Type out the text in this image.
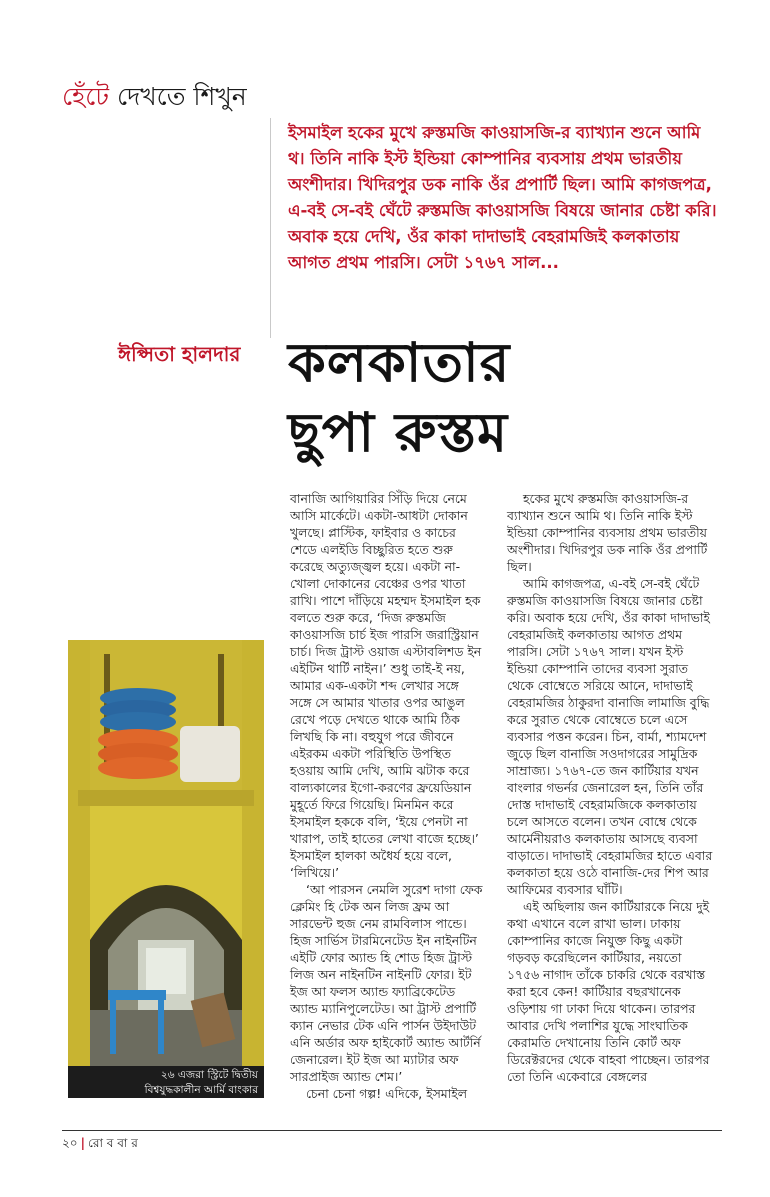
হেঁটে দেখতে শিখুন
ইসমাইল হকের মুখে রুস্তমজি কাওয়াসজি-র ব্যাখ্যান শুনে আমি থ। তিনি নাকি ইস্ট ইন্ডিয়া কোম্পানির ব্যবসায় প্রথম ভারতীয় অংশীদার। খিদিরপুর ডক নাকি ওঁর প্রপার্টি ছিল। আমি কাগজপত্র, এ-বই সে-বই ঘেঁটে রুস্তমজি কাওয়াসজি বিষয়ে জানার চেষ্টা করি। অবাক হয়ে দেখি, ওঁর কাকা দাদাভাই বেহরামজিই কলকাতায় আগত প্রথম পারসি। সেটা ১৭৬৭ সাল...
ঈপ্সিতা হালদার কলকাতার
ছুপা রুস্তম

বানাজি আগিয়ারির সিঁড়ি দিয়ে নেমে আসি মার্কেটে। একটা-আধটা দোকান খুলছে। প্লাস্টিক, ফাইবার ও কাচের শেডে এলইডি বিচ্ছুরিত হতে শুরু করেছে অত্যুজ্জ্বল হয়ে। একটা না-খোলা দোকানের বেঞ্চের ওপর খাতা রাখি। পাশে দাঁড়িয়ে মহম্মদ ইসমাইল হক বলতে শুরু করে, ‘দিজ রুস্তমজি কাওয়াসজি চার্চ ইজ পারসি জরাস্ট্রিয়ান চার্চ। দিজ ট্রাস্ট ওয়াজ এস্টাবলিশড ইন এইটিন থার্টি নাইন।’ শুধু তাই-ই নয়, আমার এক-একটা শব্দ লেখার সঙ্গে সঙ্গে সে আমার খাতার ওপর আঙুল রেখে পড়ে দেখতে থাকে আমি ঠিক লিখছি কি না। বহুযুগ পরে জীবনে এইরকম একটা পরিস্থিতি উপস্থিত হওয়ায় আমি দেখি, আমি ঝটাক করে বাল্যকালের ইগো-করণের ফ্রয়েডিয়ান মুহূর্তে ফিরে গিয়েছি। মিনমিন করে ইসমাইল হককে বলি, ‘ইয়ে পেনটা না খারাপ, তাই হাতের লেখা বাজে হচ্ছে।’ ইসমাইল হালকা অধৈর্য হয়ে বলে, ‘লিখিয়ে।’

‘আ পারসন নেমলি সুরেশ দাগা ফেক ক্লেমিং হি টেক অন লিজ ফ্রম আ সারভেন্ট হুজ নেম রামবিলাস পান্ডে। হিজ সার্ভিস টারমিনেটেড ইন নাইনটিন এইটি ফোর অ্যান্ড হি শোড হিজ ট্রাস্ট লিজ অন নাইনটিন নাইনটি ফোর। ইট ইজ আ ফলস অ্যান্ড ফ্যাব্রিকেটেড অ্যান্ড ম্যানিপুলেটেড। আ ট্রাস্ট প্রপার্টি ক্যান নেভার টেক এনি পার্সন উইদাউট এনি অর্ডার অফ হাইকোর্ট অ্যান্ড আর্টর্নি জেনারেল। ইট ইজ আ ম্যাটার অফ সারপ্রাইজ অ্যান্ড শেম।’

চেনা চেনা গল্প! এদিকে, ইসমাইল

হকের মুখে রুস্তমজি কাওয়াসজি-র ব্যাখ্যান শুনে আমি থ। তিনি নাকি ইস্ট ইন্ডিয়া কোম্পানির ব্যবসায় প্রথম ভারতীয় অংশীদার। খিদিরপুর ডক নাকি ওঁর প্রপার্টি ছিল।

আমি কাগজপত্র, এ-বই সে-বই ঘেঁটে রুস্তমজি কাওয়াসজি বিষয়ে জানার চেষ্টা করি। অবাক হয়ে দেখি, ওঁর কাকা দাদাভাই বেহরামজিই কলকাতায় আগত প্রথম পারসি। সেটা ১৭৬৭ সাল। যখন ইস্ট ইন্ডিয়া কোম্পানি তাদের ব্যবসা সুরাত থেকে বোম্বেতে সরিয়ে আনে, দাদাভাই বেহরামজির ঠাকুরদা বানাজি লামাজি বুদ্ধি করে সুরাত থেকে বোম্বেতে চলে এসে ব্যবসার পত্তন করেন। চিন, বার্মা, শ্যামদেশ জুড়ে ছিল বানাজি সওদাগরের সামুদ্রিক সাম্রাজ্য। ১৭৬৭-তে জন কার্টিয়ার যখন বাংলার গভর্নর জেনারেল হন, তিনি তাঁর দোস্ত দাদাভাই বেহরামজিকে কলকাতায় চলে আসতে বলেন। তখন বোম্বে থেকে আর্মেনীয়রাও কলকাতায় আসছে ব্যবসা বাড়াতে। দাদাভাই বেহরামজির হাতে এবার কলকাতা হয়ে ওঠে বানাজি-দের শিপ আর আফিমের ব্যবসার ঘাঁটি।

এই অছিলায় জন কার্টিয়ারকে নিয়ে দুই কথা এখানে বলে রাখা ভাল। ঢাকায় কোম্পানির কাজে নিযুক্ত কিছু একটা গড়বড় করেছিলেন কার্টিয়ার, নয়তো ১৭৫৬ নাগাদ তাঁকে চাকরি থেকে বরখাস্ত করা হবে কেন! কার্টিয়ার বছরখানেক ওড়িশায় গা ঢাকা দিয়ে থাকেন। তারপর আবার দেখি পলাশির যুদ্ধে সাংঘাতিক কেরামতি দেখানোয় তিনি কোর্ট অফ ডিরেক্টরদের থেকে বাহবা পাচ্ছেন। তারপর তো তিনি একেবারে বেঙ্গলের

২৬ এজরা স্ট্রিটে দ্বিতীয়
বিশ্বযুদ্ধকালীন আর্মি বাংকার
২০ | রো ব বা র
